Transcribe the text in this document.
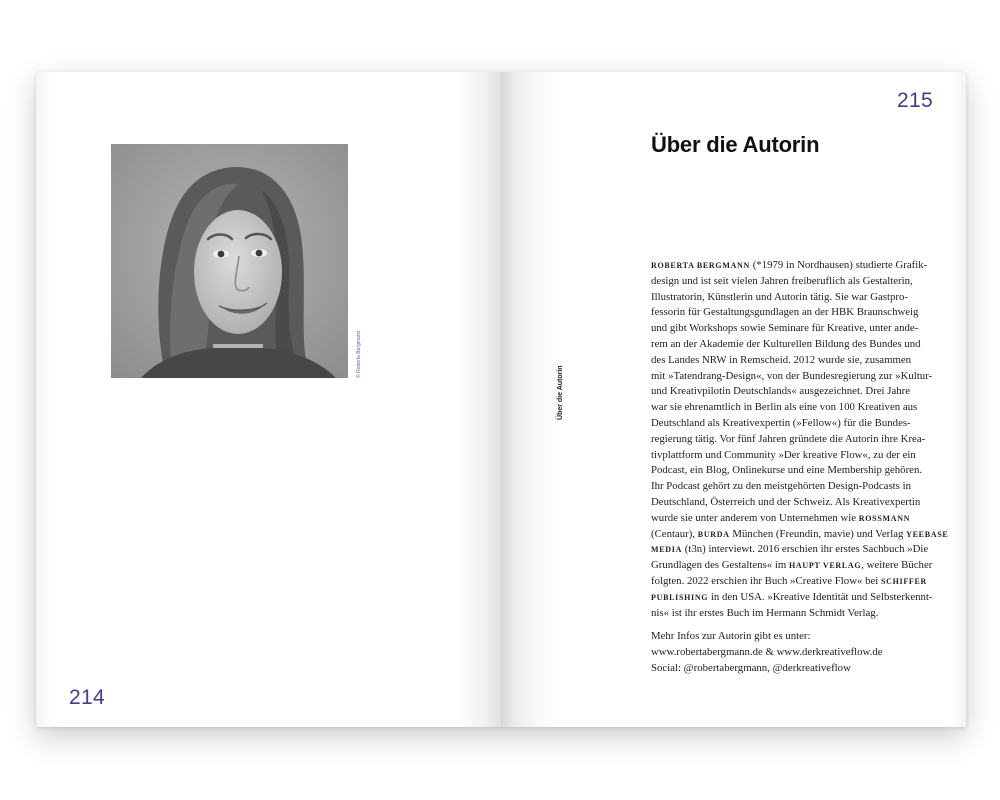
© Roberta Bergmann
214
215
Über die Autorin
Über die Autorin
ROBERTA BERGMANN (*1979 in Nordhausen) studierte Grafik-
design und ist seit vielen Jahren freiberuflich als Gestalterin,
Illustratorin, Künstlerin und Autorin tätig. Sie war Gastpro-
fessorin für Gestaltungsgundlagen an der HBK Braunschweig
und gibt Workshops sowie Seminare für Kreative, unter ande-
rem an der Akademie der Kulturellen Bildung des Bundes und
des Landes NRW in Remscheid. 2012 wurde sie, zusammen
mit »Tatendrang-Design«, von der Bundesregierung zur »Kultur-
und Kreativpilotin Deutschlands« ausgezeichnet. Drei Jahre
war sie ehrenamtlich in Berlin als eine von 100 Kreativen aus
Deutschland als Kreativexpertin (»Fellow«) für die Bundes-
regierung tätig. Vor fünf Jahren gründete die Autorin ihre Krea-
tivplattform und Community »Der kreative Flow«, zu der ein
Podcast, ein Blog, Onlinekurse und eine Membership gehören.
Ihr Podcast gehört zu den meistgehörten Design-Podcasts in
Deutschland, Österreich und der Schweiz. Als Kreativexpertin
wurde sie unter anderem von Unternehmen wie ROSSMANN
(Centaur), BURDA München (Freundin, mavie) und Verlag YEEBASE
MEDIA (t3n) interviewt. 2016 erschien ihr erstes Sachbuch »Die
Grundlagen des Gestaltens« im HAUPT VERLAG, weitere Bücher
folgten. 2022 erschien ihr Buch »Creative Flow« bei SCHIFFER
PUBLISHING in den USA. »Kreative Identität und Selbsterkennt-
nis« ist ihr erstes Buch im Hermann Schmidt Verlag.
Mehr Infos zur Autorin gibt es unter:
www.robertabergmann.de & www.derkreativeflow.de
Social: @robertabergmann, @derkreativeflow
